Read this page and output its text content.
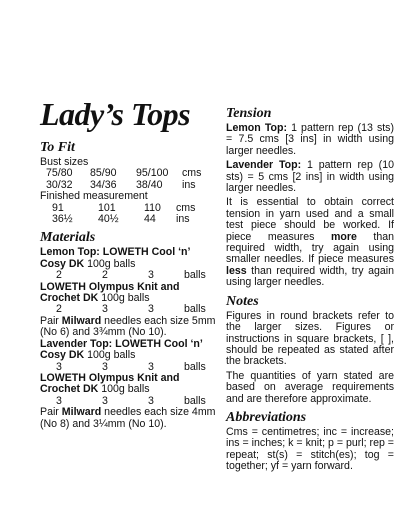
Lady’s Tops
To Fit
Bust sizes
75/80	85/90	95/100	cms
30/32	34/36	38/40	ins
Finished measurement
91	101	110	cms
36½	40½	44	ins
Materials
Lemon Top: LOWETH Cool ‘n’
Cosy DK 100g balls
2	2	3	balls
LOWETH Olympus Knit and
Crochet DK 100g balls
2	3	3	balls
Pair Milward needles each size 5mm
(No 6) and 3¾mm (No 10).
Lavender Top: LOWETH Cool ‘n’
Cosy DK 100g balls
3	3	3	balls
LOWETH Olympus Knit and
Crochet DK 100g balls
3	3	3	balls
Pair Milward needles each size 4mm
(No 8) and 3¼mm (No 10).
Tension

Lemon Top: 1 pattern rep (13 sts) = 7.5 cms [3 ins] in width using larger needles.

Lavender Top: 1 pattern rep (10 sts) = 5 cms [2 ins] in width using larger needles.

It is essential to obtain correct tension in yarn used and a small test piece should be worked. If piece measures more than required width, try again using smaller needles. If piece measures less than required width, try again using larger needles.

Notes

Figures in round brackets refer to the larger sizes. Figures or instructions in square brackets, [ ], should be repeated as stated after the brackets.

The quantities of yarn stated are based on average requirements and are therefore approximate.

Abbreviations

Cms = centimetres; inc = increase; ins = inches; k = knit; p = purl; rep = repeat; st(s) = stitch(es); tog = together; yf = yarn forward.
